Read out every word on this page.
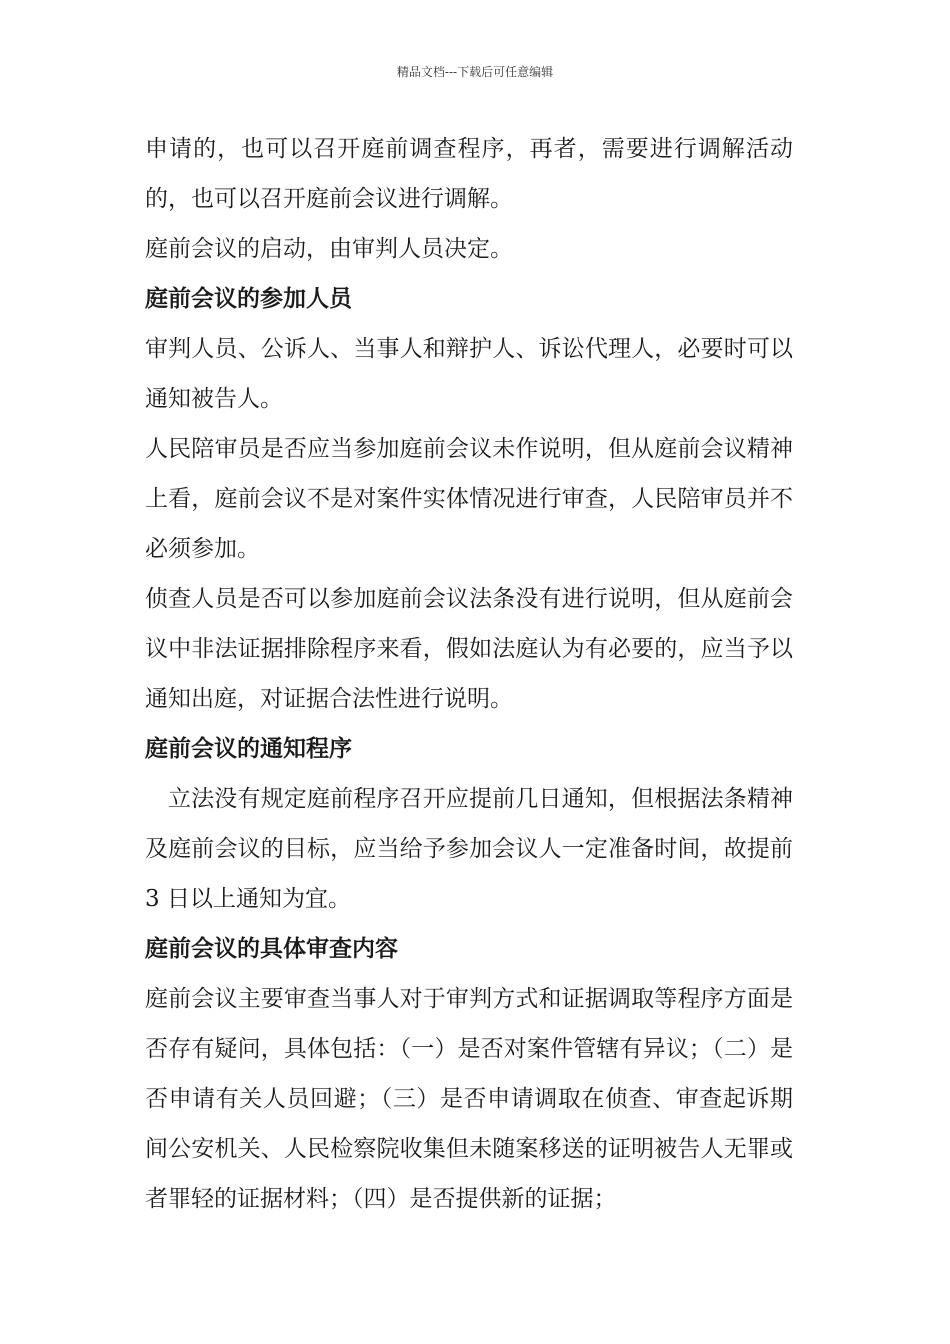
精品文档---下载后可任意编辑

申请的，也可以召开庭前调查程序，再者，需要进行调解活动的，也可以召开庭前会议进行调解。

庭前会议的启动，由审判人员决定。

庭前会议的参加人员

审判人员、公诉人、当事人和辩护人、诉讼代理人，必要时可以通知被告人。

人民陪审员是否应当参加庭前会议未作说明，但从庭前会议精神上看，庭前会议不是对案件实体情况进行审查，人民陪审员并不必须参加。

侦查人员是否可以参加庭前会议法条没有进行说明，但从庭前会议中非法证据排除程序来看，假如法庭认为有必要的，应当予以通知出庭，对证据合法性进行说明。

庭前会议的通知程序

立法没有规定庭前程序召开应提前几日通知，但根据法条精神及庭前会议的目标，应当给予参加会议人一定准备时间，故提前 3 日以上通知为宜。

庭前会议的具体审查内容

庭前会议主要审查当事人对于审判方式和证据调取等程序方面是否存有疑问，具体包括：（一）是否对案件管辖有异议；（二）是否申请有关人员回避；（三）是否申请调取在侦查、审查起诉期间公安机关、人民检察院收集但未随案移送的证明被告人无罪或者罪轻的证据材料；（四）是否提供新的证据；
